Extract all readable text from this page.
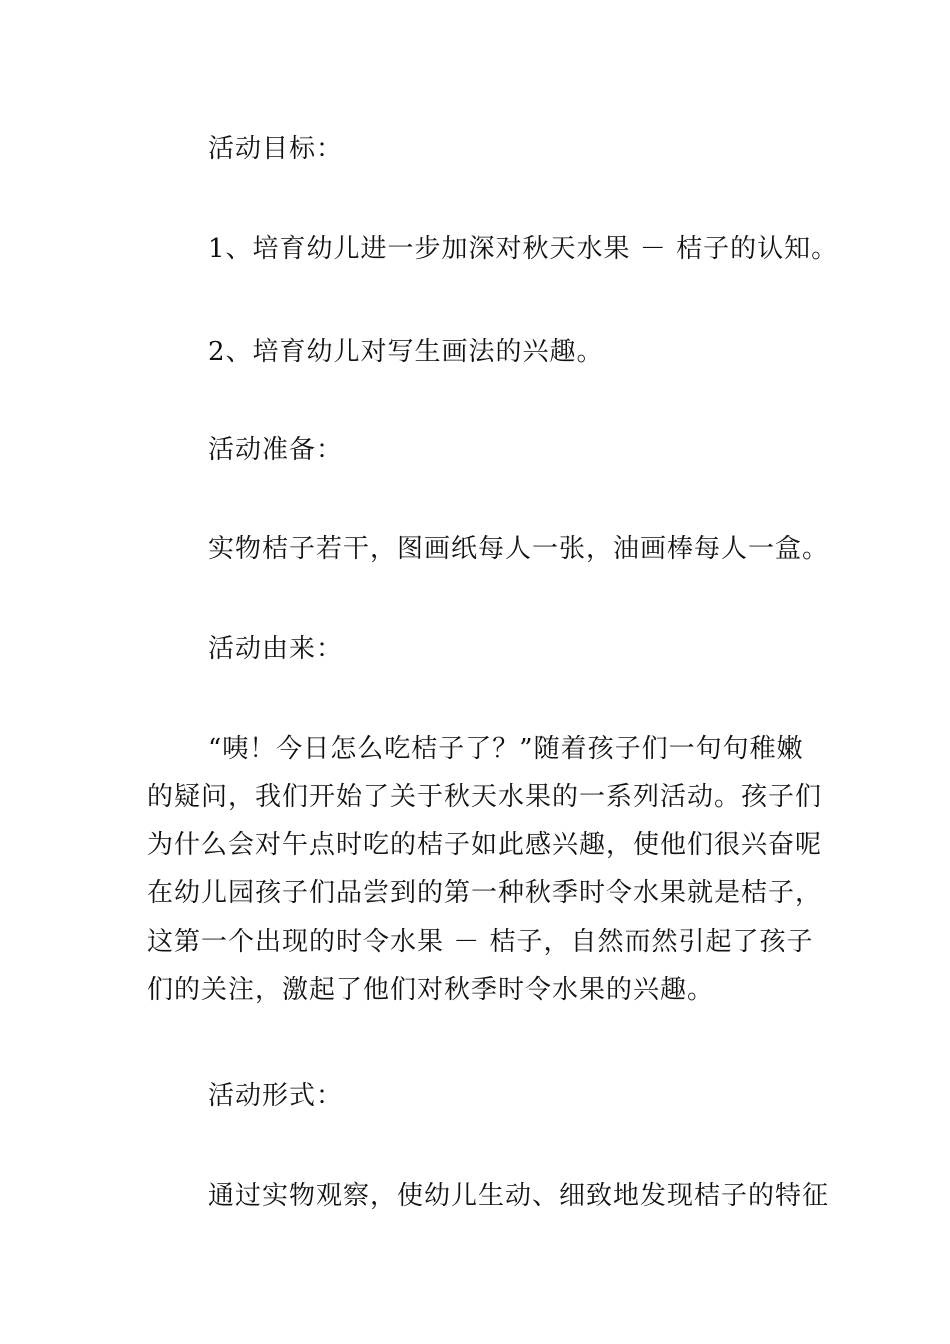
活动目标：
1、培育幼儿进一步加深对秋天水果 － 桔子的认知。
2、培育幼儿对写生画法的兴趣。
活动准备：
实物桔子若干，图画纸每人一张，油画棒每人一盒。
活动由来：
“咦！今日怎么吃桔子了？”随着孩子们一句句稚嫩
的疑问，我们开始了关于秋天水果的一系列活动。孩子们
为什么会对午点时吃的桔子如此感兴趣，使他们很兴奋呢
在幼儿园孩子们品尝到的第一种秋季时令水果就是桔子，
这第一个出现的时令水果 － 桔子，自然而然引起了孩子
们的关注，激起了他们对秋季时令水果的兴趣。
活动形式：
通过实物观察，使幼儿生动、细致地发现桔子的特征
